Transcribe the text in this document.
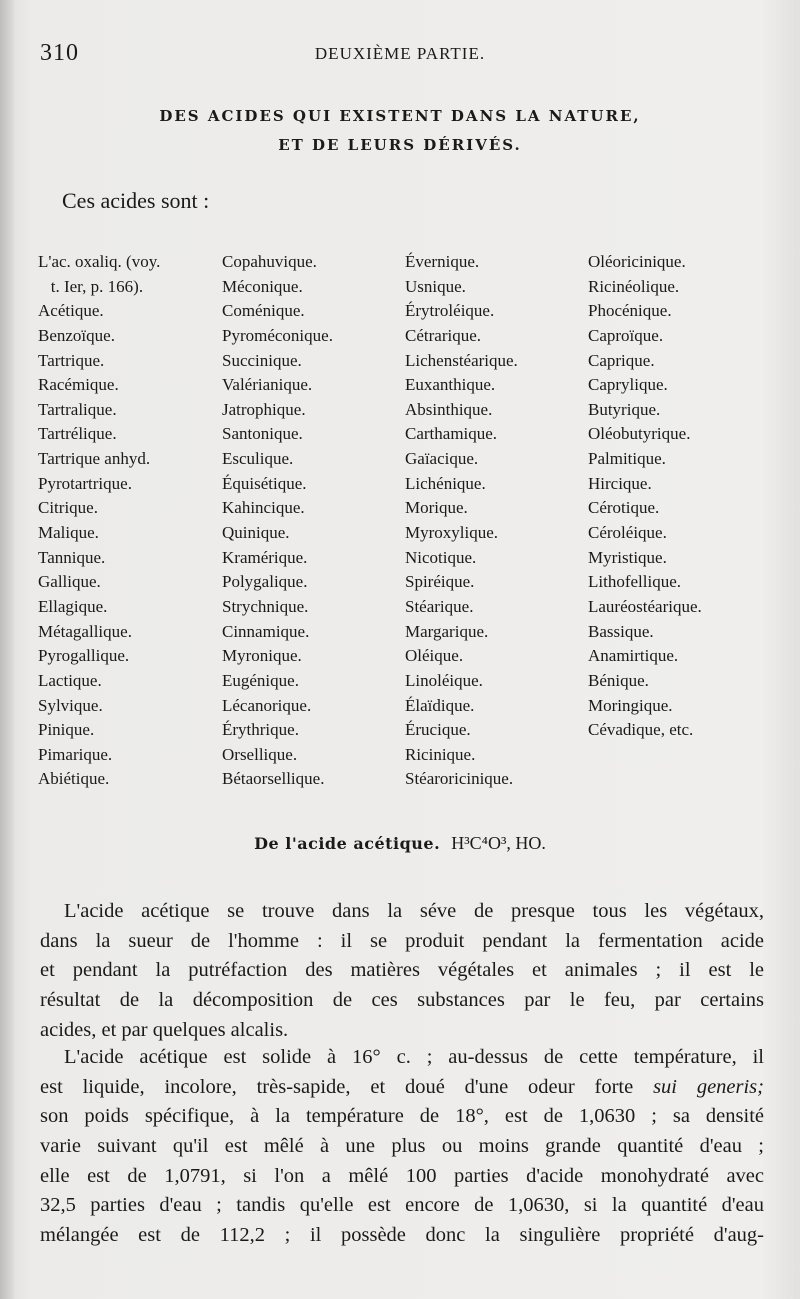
310	DEUXIÈME PARTIE.
DES ACIDES QUI EXISTENT DANS LA NATURE,
ET DE LEURS DÉRIVÉS.
Ces acides sont :
L'ac. oxaliq. (voy.
t. Ier, p. 166).
Acétique.
Benzoïque.
Tartrique.
Racémique.
Tartralique.
Tartrélique.
Tartrique anhyd.
Pyrotartrique.
Citrique.
Malique.
Tannique.
Gallique.
Ellagique.
Métagallique.
Pyrogallique.
Lactique.
Sylvique.
Pinique.
Pimarique.
Abiétique.
Copahuvique.
Méconique.
Coménique.
Pyroméconique.
Succinique.
Valérianique.
Jatrophique.
Santonique.
Esculique.
Équisétique.
Kahincique.
Quinique.
Kramérique.
Polygalique.
Strychnique.
Cinnamique.
Myronique.
Eugénique.
Lécanorique.
Érythrique.
Orsellique.
Bétaorsellique.
Évernique.
Usnique.
Érytroléique.
Cétrarique.
Lichenstéarique.
Euxanthique.
Absinthique.
Carthamique.
Gaïacique.
Lichénique.
Morique.
Myroxylique.
Nicotique.
Spiréique.
Stéarique.
Margarique.
Oléique.
Linoléique.
Élaïdique.
Érucique.
Ricinique.
Stéaroricinique.
Oléoricinique.
Ricinéolique.
Phocénique.
Caproïque.
Caprique.
Caprylique.
Butyrique.
Oléobutyrique.
Palmitique.
Hircique.
Cérotique.
Céroléique.
Myristique.
Lithofellique.
Lauréostéarique.
Bassique.
Anamirtique.
Bénique.
Moringique.
Cévadique, etc.
De l'acide acétique. H³C⁴O³, HO.
L'acide acétique se trouve dans la séve de presque tous les végétaux,
dans la sueur de l'homme : il se produit pendant la fermentation acide
et pendant la putréfaction des matières végétales et animales ; il est le
résultat de la décomposition de ces substances par le feu, par certains
acides, et par quelques alcalis.
L'acide acétique est solide à 16° c. ; au-dessus de cette température, il
est liquide, incolore, très-sapide, et doué d'une odeur forte sui generis;
son poids spécifique, à la température de 18°, est de 1,0630 ; sa densité
varie suivant qu'il est mêlé à une plus ou moins grande quantité d'eau ;
elle est de 1,0791, si l'on a mêlé 100 parties d'acide monohydraté avec
32,5 parties d'eau ; tandis qu'elle est encore de 1,0630, si la quantité d'eau
mélangée est de 112,2 ; il possède donc la singulière propriété d'aug-
